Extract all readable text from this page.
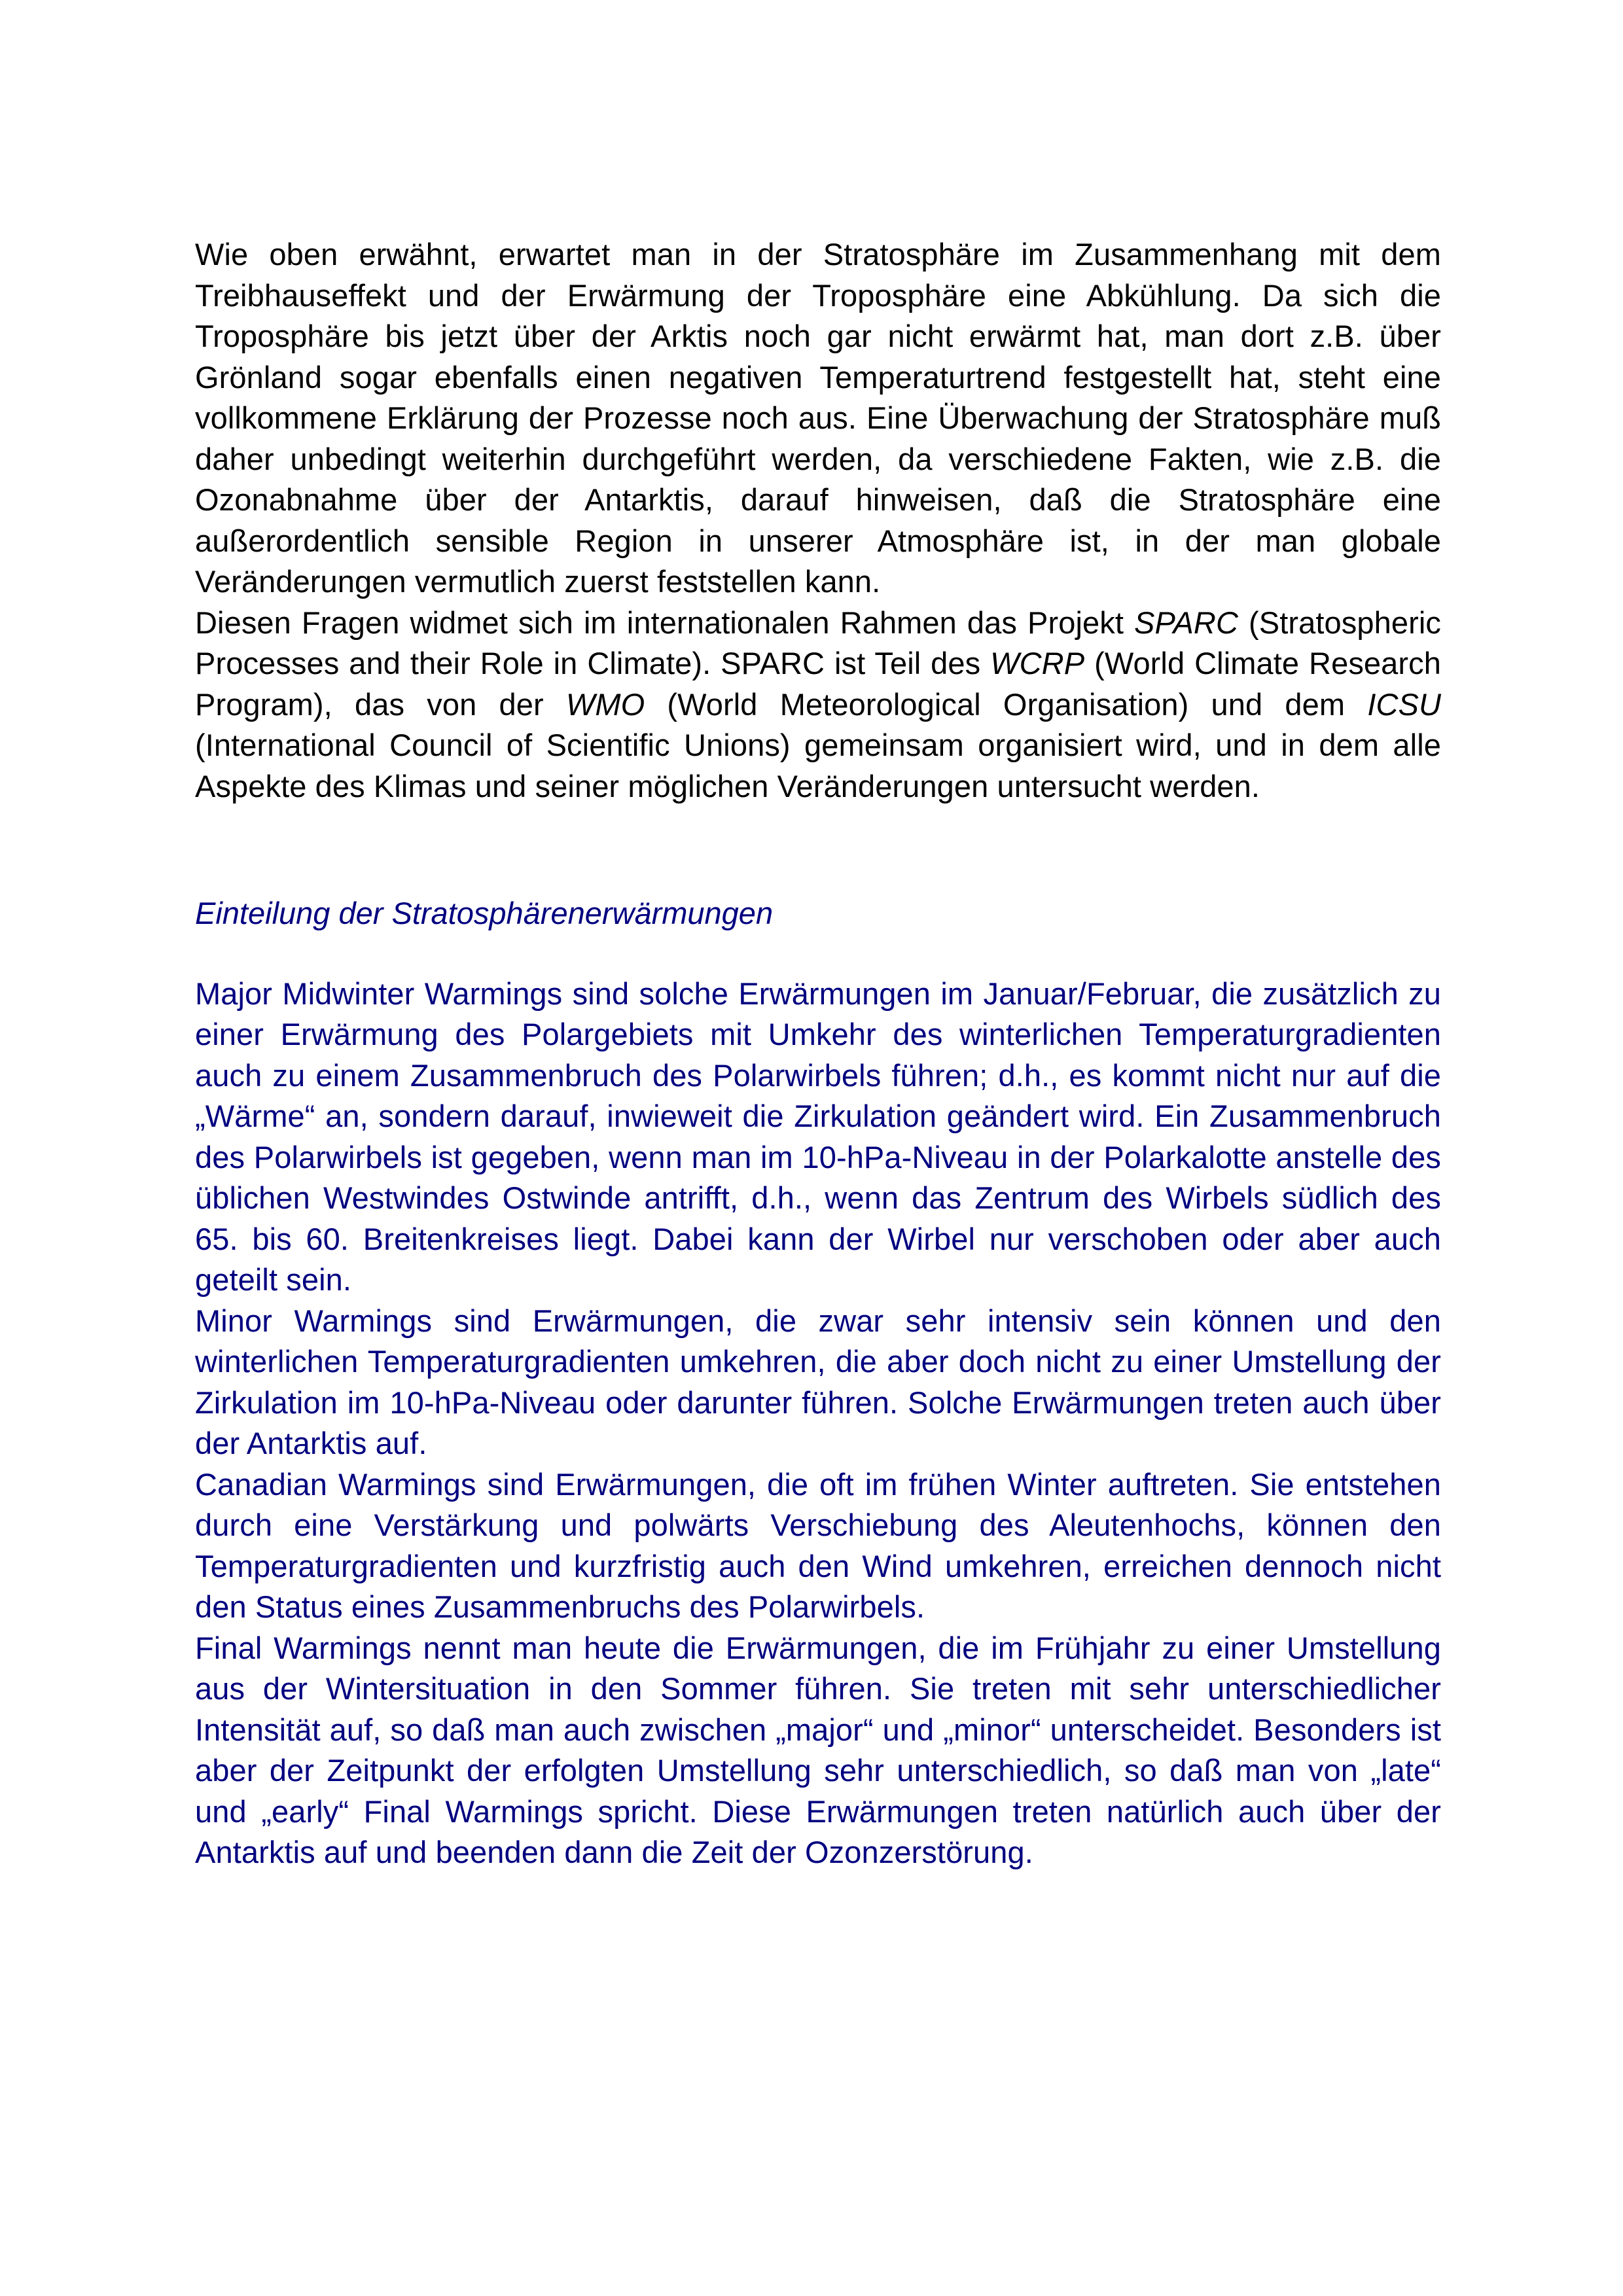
Wie oben erwähnt, erwartet man in der Stratosphäre im Zusammenhang mit dem Treibhauseffekt und der Erwärmung der Troposphäre eine Abkühlung. Da sich die Troposphäre bis jetzt über der Arktis noch gar nicht erwärmt hat, man dort z.B. über Grönland sogar ebenfalls einen negativen Temperaturtrend festgestellt hat, steht eine vollkommene Erklärung der Prozesse noch aus. Eine Überwachung der Stratosphäre muß daher unbedingt weiterhin durchgeführt werden, da verschiedene Fakten, wie z.B. die Ozonabnahme über der Antarktis, darauf hinweisen, daß die Stratosphäre eine außerordentlich sensible Region in unserer Atmosphäre ist, in der man globale Veränderungen vermutlich zuerst feststellen kann.

Diesen Fragen widmet sich im internationalen Rahmen das Projekt SPARC (Stratospheric Processes and their Role in Climate). SPARC ist Teil des WCRP (World Climate Research Program), das von der WMO (World Meteorological Organisation) und dem ICSU (International Council of Scientific Unions) gemeinsam organisiert wird, und in dem alle Aspekte des Klimas und seiner möglichen Veränderungen untersucht werden.

Einteilung der Stratosphärenerwärmungen

Major Midwinter Warmings sind solche Erwärmungen im Januar/Februar, die zusätzlich zu einer Erwärmung des Polargebiets mit Umkehr des winterlichen Temperaturgradienten auch zu einem Zusammenbruch des Polarwirbels führen; d.h., es kommt nicht nur auf die „Wärme“ an, sondern darauf, inwieweit die Zirkulation geändert wird. Ein Zusammenbruch des Polarwirbels ist gegeben, wenn man im 10-hPa-Niveau in der Polarkalotte anstelle des üblichen Westwindes Ostwinde antrifft, d.h., wenn das Zentrum des Wirbels südlich des 65. bis 60. Breitenkreises liegt. Dabei kann der Wirbel nur verschoben oder aber auch geteilt sein.

Minor Warmings sind Erwärmungen, die zwar sehr intensiv sein können und den winterlichen Temperaturgradienten umkehren, die aber doch nicht zu einer Umstellung der Zirkulation im 10-hPa-Niveau oder darunter führen. Solche Erwärmungen treten auch über der Antarktis auf.

Canadian Warmings sind Erwärmungen, die oft im frühen Winter auftreten. Sie entstehen durch eine Verstärkung und polwärts Verschiebung des Aleutenhochs, können den Temperaturgradienten und kurzfristig auch den Wind umkehren, erreichen dennoch nicht den Status eines Zusammenbruchs des Polarwirbels.

Final Warmings nennt man heute die Erwärmungen, die im Frühjahr zu einer Umstellung aus der Wintersituation in den Sommer führen. Sie treten mit sehr unterschiedlicher Intensität auf, so daß man auch zwischen „major“ und „minor“ unterscheidet. Besonders ist aber der Zeitpunkt der erfolgten Umstellung sehr unterschiedlich, so daß man von „late“ und „early“ Final Warmings spricht. Diese Erwärmungen treten natürlich auch über der Antarktis auf und beenden dann die Zeit der Ozonzerstörung.
